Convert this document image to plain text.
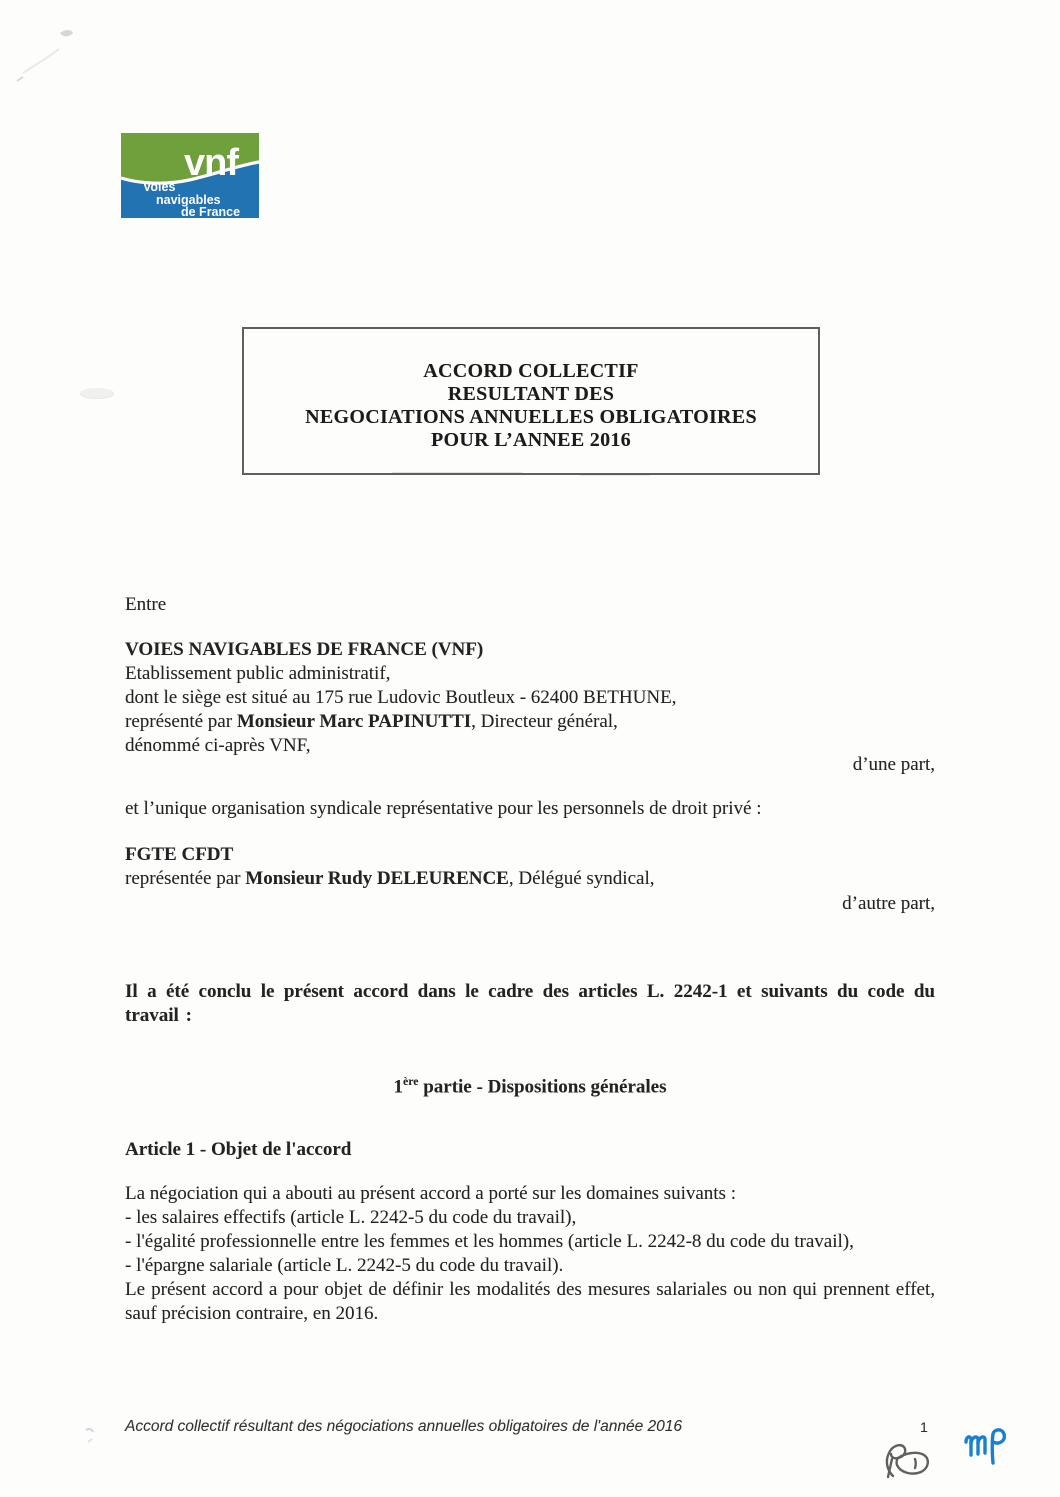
vnf
Voies
navigables
de France
ACCORD COLLECTIF
RESULTANT DES
NEGOCIATIONS ANNUELLES OBLIGATOIRES
POUR L’ANNEE 2016
Entre
VOIES NAVIGABLES DE FRANCE (VNF)
Etablissement public administratif,
dont le siège est situé au 175 rue Ludovic Boutleux - 62400 BETHUNE,
représenté par Monsieur Marc PAPINUTTI, Directeur général,
dénommé ci-après VNF,
d’une part,
et l’unique organisation syndicale représentative pour les personnels de droit privé :
FGTE CFDT
représentée par Monsieur Rudy DELEURENCE, Délégué syndical,
d’autre part,
Il a été conclu le présent accord dans le cadre des articles L. 2242-1 et suivants du code du travail :
1ère partie - Dispositions générales
Article 1 - Objet de l'accord
La négociation qui a abouti au présent accord a porté sur les domaines suivants :
- les salaires effectifs (article L. 2242-5 du code du travail),
- l'égalité professionnelle entre les femmes et les hommes (article L. 2242-8 du code du travail),
- l'épargne salariale (article L. 2242-5 du code du travail).
Le présent accord a pour objet de définir les modalités des mesures salariales ou non qui prennent effet, sauf précision contraire, en 2016.
Accord collectif résultant des négociations annuelles obligatoires de l'année 2016	1
